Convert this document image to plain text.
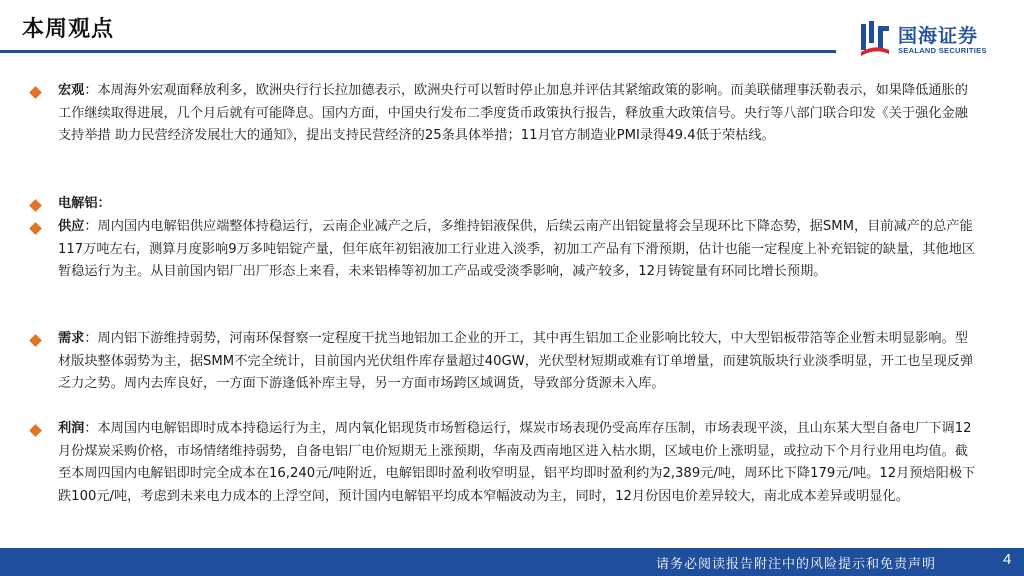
本周观点	国海证券
SEALAND SECURITIES

宏观：本周海外宏观面释放利多，欧洲央行行长拉加德表示，欧洲央行可以暂时停止加息并评估其紧缩政策的影响。而美联储理事沃勒表示，如果降低通胀的工作继续取得进展，几个月后就有可能降息。国内方面，中国央行发布二季度货币政策执行报告，释放重大政策信号。央行等八部门联合印发《关于强化金融支持举措 助力民营经济发展壮大的通知》，提出支持民营经济的25条具体举措；11月官方制造业PMI录得49.4低于荣枯线。

电解铝：

供应：周内国内电解铝供应端整体持稳运行，云南企业减产之后，多维持铝液保供，后续云南产出铝锭量将会呈现环比下降态势，据SMM，目前减产的总产能117万吨左右，测算月度影响9万多吨铝锭产量，但年底年初铝液加工行业进入淡季，初加工产品有下滑预期，估计也能一定程度上补充铝锭的缺量，其他地区暂稳运行为主。从目前国内铝厂出厂形态上来看，未来铝棒等初加工产品或受淡季影响，减产较多，12月铸锭量有环同比增长预期。

需求：周内铝下游维持弱势，河南环保督察一定程度干扰当地铝加工企业的开工，其中再生铝加工企业影响比较大，中大型铝板带箔等企业暂未明显影响。型材版块整体弱势为主，据SMM不完全统计，目前国内光伏组件库存量超过40GW，光伏型材短期或难有订单增量，而建筑版块行业淡季明显，开工也呈现反弹乏力之势。周内去库良好，一方面下游逢低补库主导，另一方面市场跨区域调货，导致部分货源未入库。

利润：本周国内电解铝即时成本持稳运行为主，周内氧化铝现货市场暂稳运行，煤炭市场表现仍受高库存压制，市场表现平淡，且山东某大型自备电厂下调12月份煤炭采购价格，市场情绪维持弱势，自备电铝厂电价短期无上涨预期，华南及西南地区进入枯水期，区域电价上涨明显，或拉动下个月行业用电均值。截至本周四国内电解铝即时完全成本在16,240元/吨附近，电解铝即时盈利收窄明显，铝平均即时盈利约为2,389元/吨，周环比下降179元/吨。12月预焙阳极下跌100元/吨，考虑到未来电力成本的上浮空间，预计国内电解铝平均成本窄幅波动为主，同时，12月份因电价差异较大，南北成本差异或明显化。

请务必阅读报告附注中的风险提示和免责声明	4
